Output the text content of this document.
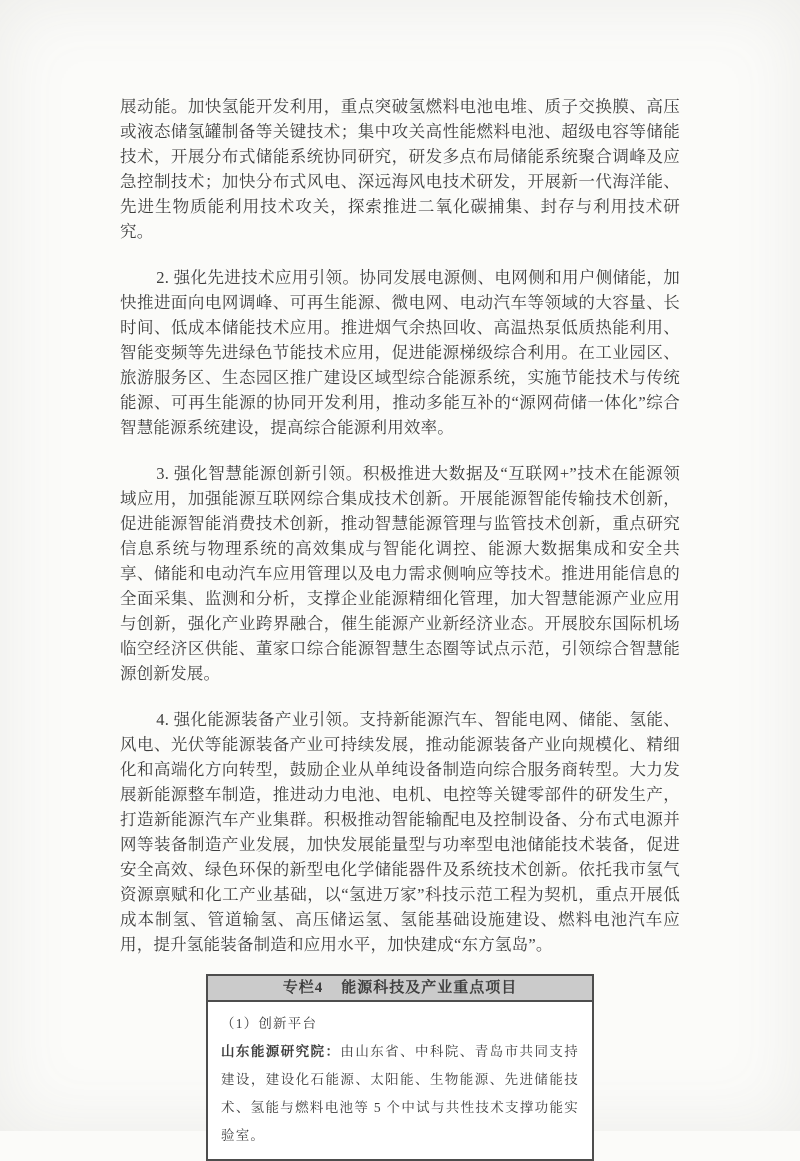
展动能。加快氢能开发利用，重点突破氢燃料电池电堆、质子交换膜、高压或液态储氢罐制备等关键技术；集中攻关高性能燃料电池、超级电容等储能技术，开展分布式储能系统协同研究，研发多点布局储能系统聚合调峰及应急控制技术；加快分布式风电、深远海风电技术研发，开展新一代海洋能、先进生物质能利用技术攻关，探索推进二氧化碳捕集、封存与利用技术研究。

2. 强化先进技术应用引领。协同发展电源侧、电网侧和用户侧储能，加快推进面向电网调峰、可再生能源、微电网、电动汽车等领域的大容量、长时间、低成本储能技术应用。推进烟气余热回收、高温热泵低质热能利用、智能变频等先进绿色节能技术应用，促进能源梯级综合利用。在工业园区、旅游服务区、生态园区推广建设区域型综合能源系统，实施节能技术与传统能源、可再生能源的协同开发利用，推动多能互补的“源网荷储一体化”综合智慧能源系统建设，提高综合能源利用效率。

3. 强化智慧能源创新引领。积极推进大数据及“互联网+”技术在能源领域应用，加强能源互联网综合集成技术创新。开展能源智能传输技术创新，促进能源智能消费技术创新，推动智慧能源管理与监管技术创新，重点研究信息系统与物理系统的高效集成与智能化调控、能源大数据集成和安全共享、储能和电动汽车应用管理以及电力需求侧响应等技术。推进用能信息的全面采集、监测和分析，支撑企业能源精细化管理，加大智慧能源产业应用与创新，强化产业跨界融合，催生能源产业新经济业态。开展胶东国际机场临空经济区供能、董家口综合能源智慧生态圈等试点示范，引领综合智慧能源创新发展。

4. 强化能源装备产业引领。支持新能源汽车、智能电网、储能、氢能、风电、光伏等能源装备产业可持续发展，推动能源装备产业向规模化、精细化和高端化方向转型，鼓励企业从单纯设备制造向综合服务商转型。大力发展新能源整车制造，推进动力电池、电机、电控等关键零部件的研发生产，打造新能源汽车产业集群。积极推动智能输配电及控制设备、分布式电源并网等装备制造产业发展，加快发展能量型与功率型电池储能技术装备，促进安全高效、绿色环保的新型电化学储能器件及系统技术创新。依托我市氢气资源禀赋和化工产业基础，以“氢进万家”科技示范工程为契机，重点开展低成本制氢、管道输氢、高压储运氢、氢能基础设施建设、燃料电池汽车应用，提升氢能装备制造和应用水平，加快建成“东方氢岛”。

专栏4 能源科技及产业重点项目
（1）创新平台
山东能源研究院：由山东省、中科院、青岛市共同支持建设，建设化石能源、太阳能、生物能源、先进储能技术、氢能与燃料电池等 5 个中试与共性技术支撑功能实验室。
